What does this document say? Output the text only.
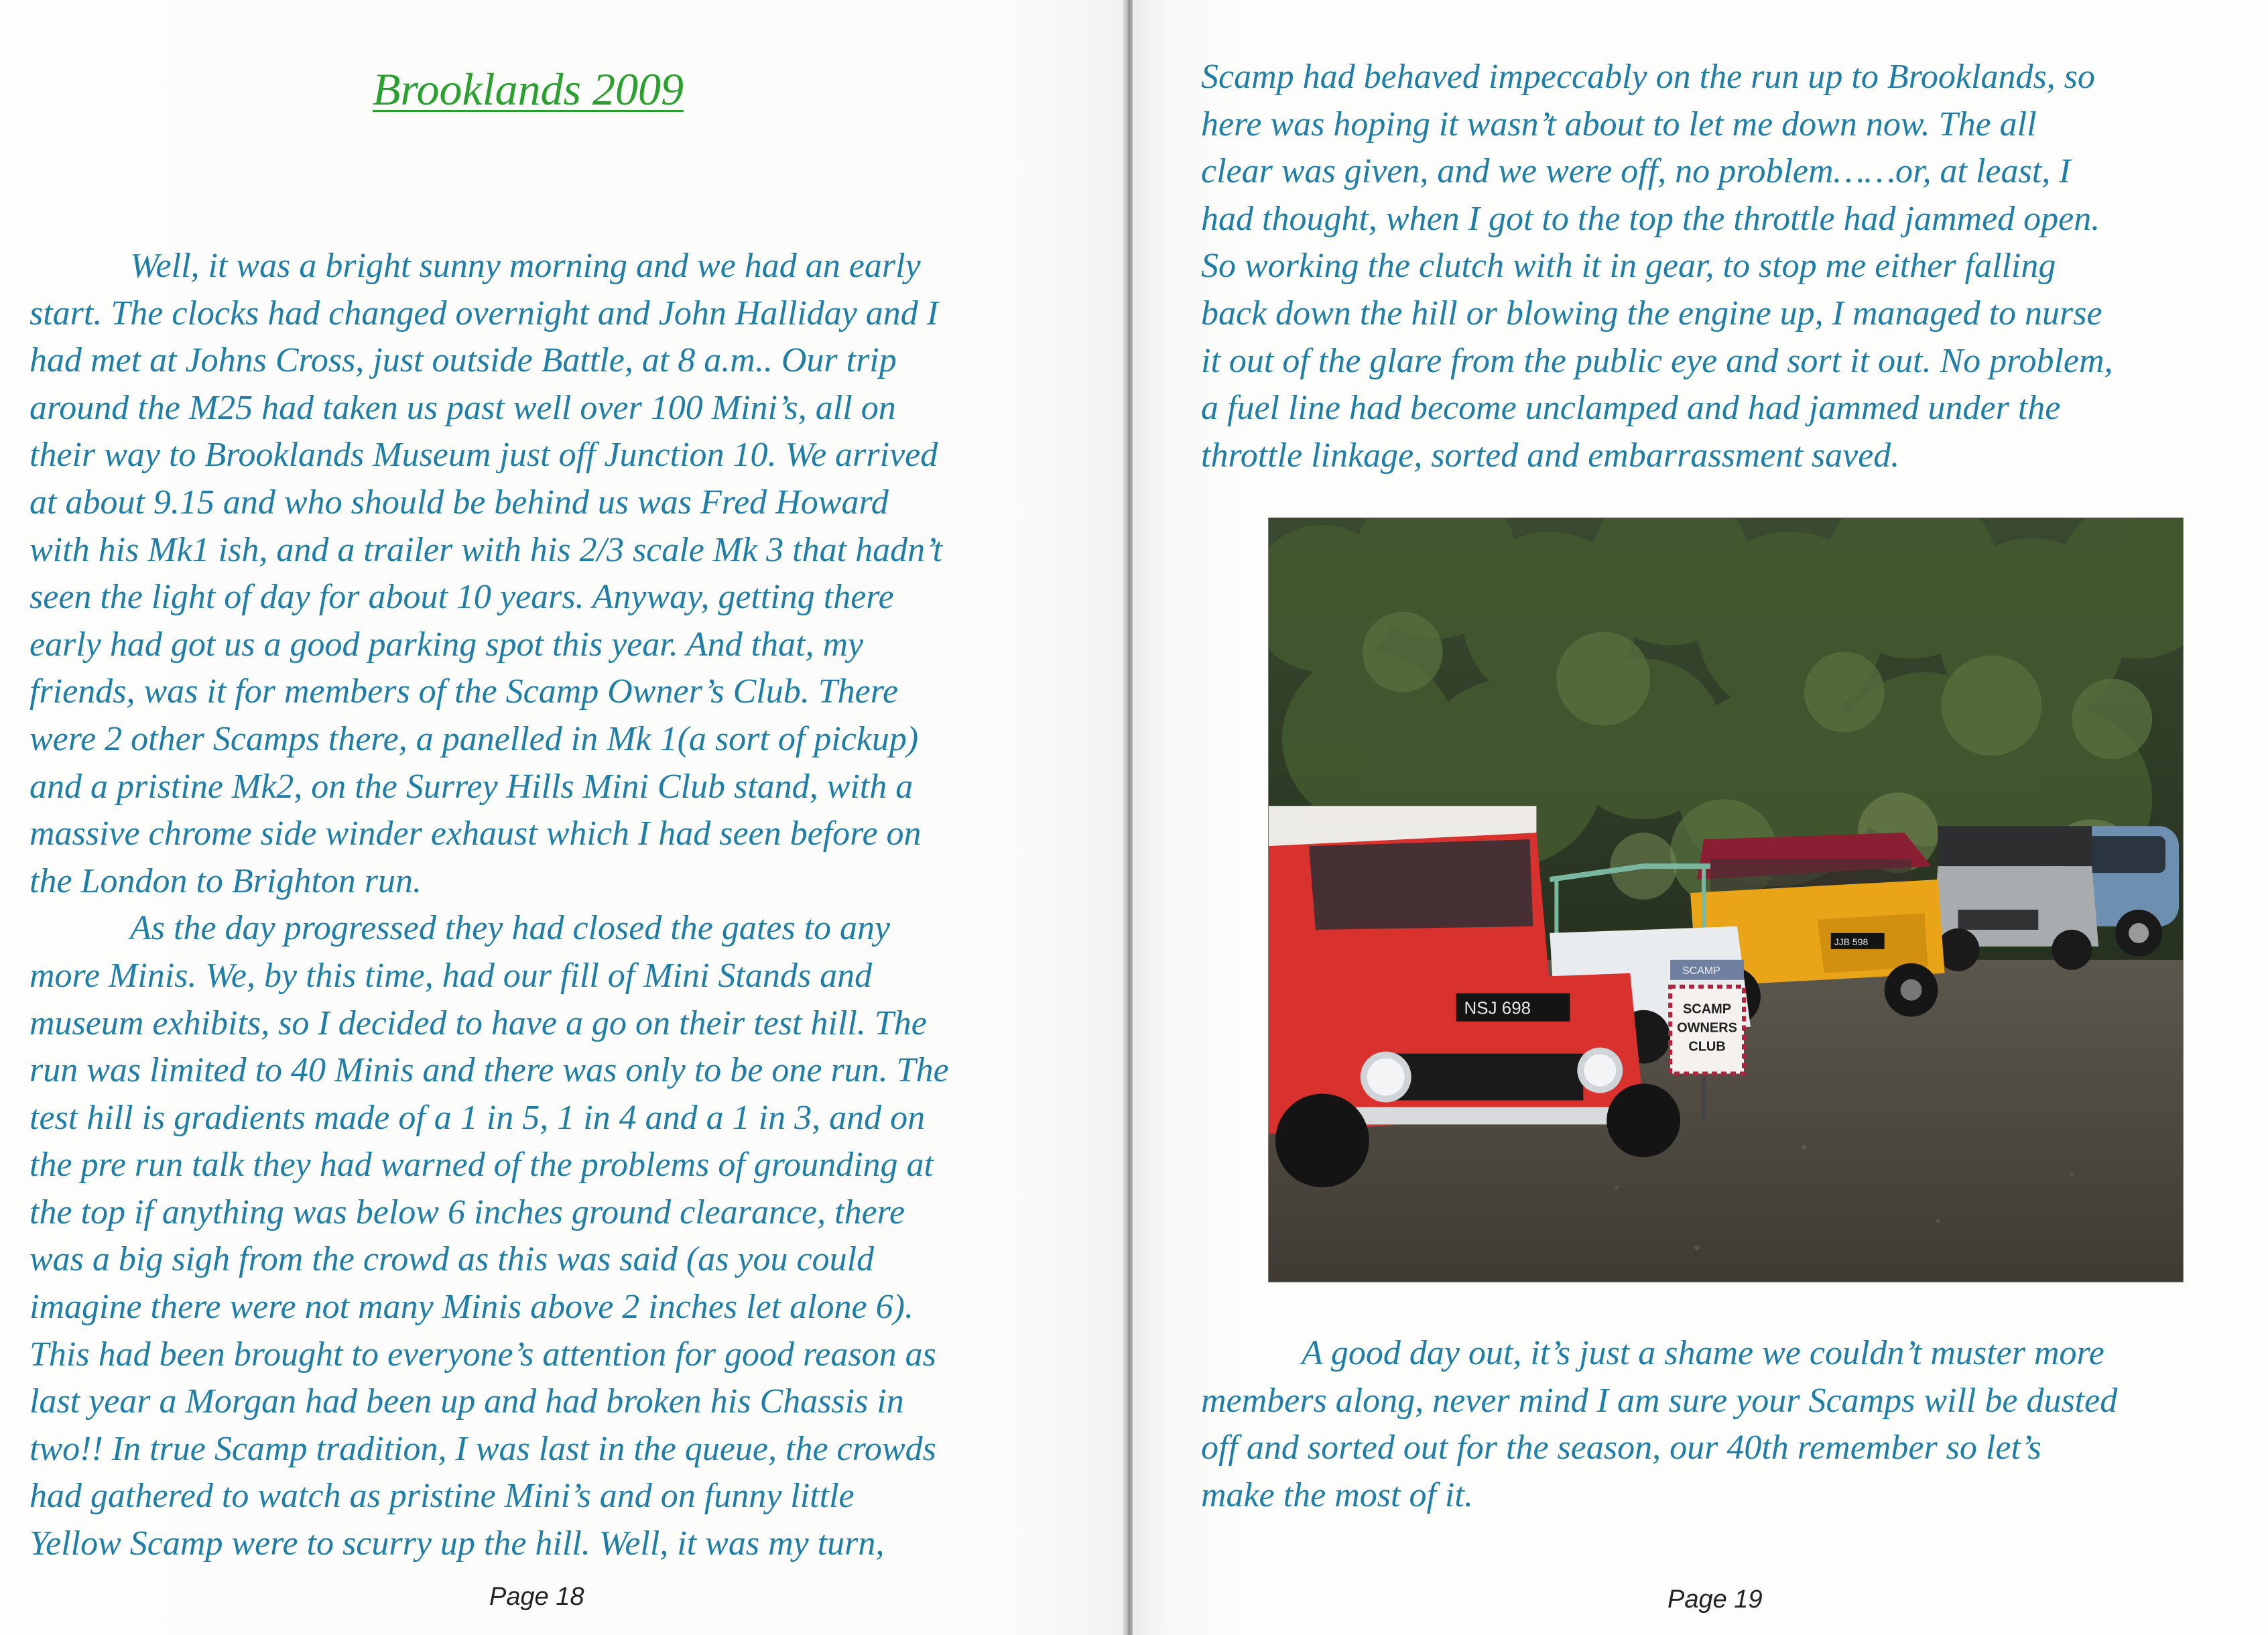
Brooklands 2009
Well, it was a bright sunny morning and we had an early
start. The clocks had changed overnight and John Halliday and I
had met at Johns Cross, just outside Battle, at 8 a.m.. Our trip
around the M25 had taken us past well over 100 Mini’s, all on
their way to Brooklands Museum just off Junction 10. We arrived
at about 9.15 and who should be behind us was Fred Howard
with his Mk1 ish, and a trailer with his 2/3 scale Mk 3 that hadn’t
seen the light of day for about 10 years. Anyway, getting there
early had got us a good parking spot this year. And that, my
friends, was it for members of the Scamp Owner’s Club. There
were 2 other Scamps there, a panelled in Mk 1(a sort of pickup)
and a pristine Mk2, on the Surrey Hills Mini Club stand, with a
massive chrome side winder exhaust which I had seen before on
the London to Brighton run.
As the day progressed they had closed the gates to any
more Minis. We, by this time, had our fill of Mini Stands and
museum exhibits, so I decided to have a go on their test hill. The
run was limited to 40 Minis and there was only to be one run. The
test hill is gradients made of a 1 in 5, 1 in 4 and a 1 in 3, and on
the pre run talk they had warned of the problems of grounding at
the top if anything was below 6 inches ground clearance, there
was a big sigh from the crowd as this was said (as you could
imagine there were not many Minis above 2 inches let alone 6).
This had been brought to everyone’s attention for good reason as
last year a Morgan had been up and had broken his Chassis in
two!! In true Scamp tradition, I was last in the queue, the crowds
had gathered to watch as pristine Mini’s and on funny little
Yellow Scamp were to scurry up the hill. Well, it was my turn,
Page 18
Scamp had behaved impeccably on the run up to Brooklands, so
here was hoping it wasn’t about to let me down now. The all
clear was given, and we were off, no problem……or, at least, I
had thought, when I got to the top the throttle had jammed open.
So working the clutch with it in gear, to stop me either falling
back down the hill or blowing the engine up, I managed to nurse
it out of the glare from the public eye and sort it out. No problem,
a fuel line had become unclamped and had jammed under the
throttle linkage, sorted and embarrassment saved.
JJB 598
SCAMP
SCAMP
OWNERS
CLUB
NSJ 698
A good day out, it’s just a shame we couldn’t muster more
members along, never mind I am sure your Scamps will be dusted
off and sorted out for the season, our 40th remember so let’s
make the most of it.
Page 19
